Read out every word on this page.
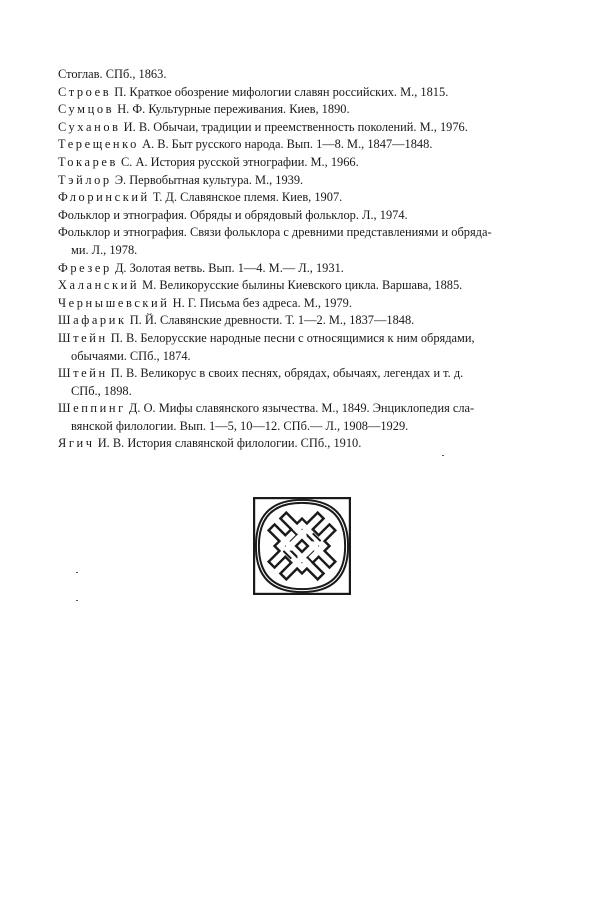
Стоглав. СПб., 1863.
Строев П. Краткое обозрение мифологии славян российских. М., 1815.
Сумцов Н. Ф. Культурные переживания. Киев, 1890.
Суханов И. В. Обычаи, традиции и преемственность поколений. М., 1976.
Терещенко А. В. Быт русского народа. Вып. 1—8. М., 1847—1848.
Токарев С. А. История русской этнографии. М., 1966.
Тэйлор Э. Первобытная культура. М., 1939.
Флоринский Т. Д. Славянское племя. Киев, 1907.
Фольклор и этнография. Обряды и обрядовый фольклор. Л., 1974.
Фольклор и этнография. Связи фольклора с древними представлениями и обряда-
ми. Л., 1978.
Фрезер Д. Золотая ветвь. Вып. 1—4. М.— Л., 1931.
Халанский М. Великорусские былины Киевского цикла. Варшава, 1885.
Чернышевский Н. Г. Письма без адреса. М., 1979.
Шафарик П. Й. Славянские древности. Т. 1—2. М., 1837—1848.
Штейн П. В. Белорусские народные песни с относящимися к ним обрядами,
обычаями. СПб., 1874.
Штейн П. В. Великорус в своих песнях, обрядах, обычаях, легендах и т. д.
СПб., 1898.
Шеппинг Д. О. Мифы славянского язычества. М., 1849. Энциклопедия сла-
вянской филологии. Вып. 1—5, 10—12. СПб.— Л., 1908—1929.
Ягич И. В. История славянской филологии. СПб., 1910.
